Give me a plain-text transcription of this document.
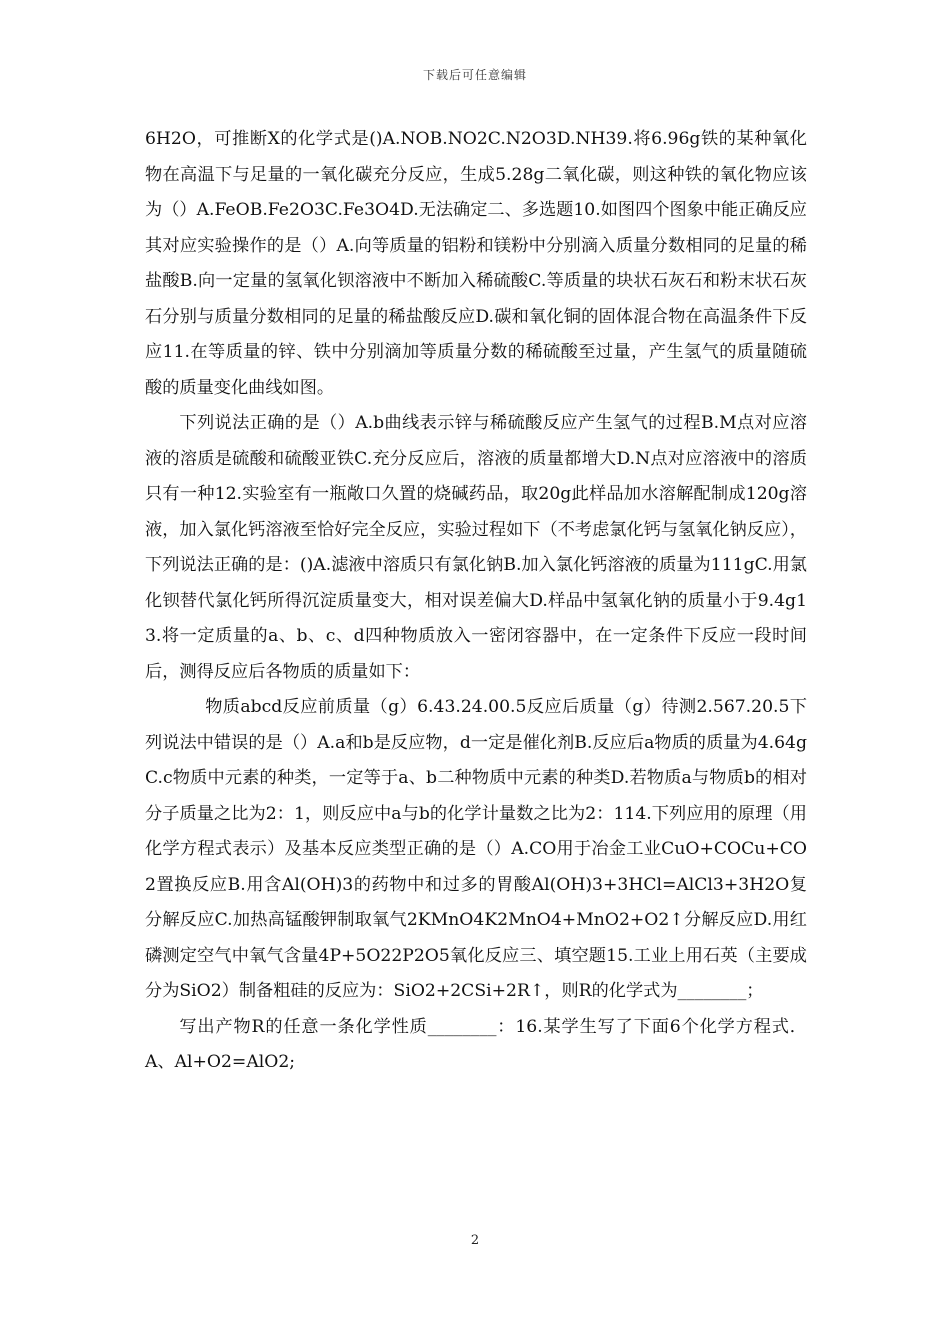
下载后可任意编辑

6H2O，可推断X的化学式是()A.NOB.NO2C.N2O3D.NH39.将6.96g铁的某种氧化物在高温下与足量的一氧化碳充分反应，生成5.28g二氧化碳，则这种铁的氧化物应该为（）A.FeOB.Fe2O3C.Fe3O4D.无法确定二、多选题10.如图四个图象中能正确反应其对应实验操作的是（）A.向等质量的铝粉和镁粉中分别滴入质量分数相同的足量的稀盐酸B.向一定量的氢氧化钡溶液中不断加入稀硫酸C.等质量的块状石灰石和粉末状石灰石分别与质量分数相同的足量的稀盐酸反应D.碳和氧化铜的固体混合物在高温条件下反应11.在等质量的锌、铁中分别滴加等质量分数的稀硫酸至过量，产生氢气的质量随硫酸的质量变化曲线如图。

下列说法正确的是（）A.b曲线表示锌与稀硫酸反应产生氢气的过程B.M点对应溶液的溶质是硫酸和硫酸亚铁C.充分反应后，溶液的质量都增大D.N点对应溶液中的溶质只有一种12.实验室有一瓶敞口久置的烧碱药品，取20g此样品加水溶解配制成120g溶液，加入氯化钙溶液至恰好完全反应，实验过程如下（不考虑氯化钙与氢氧化钠反应），下列说法正确的是：()A.滤液中溶质只有氯化钠B.加入氯化钙溶液的质量为111gC.用氯化钡替代氯化钙所得沉淀质量变大，相对误差偏大D.样品中氢氧化钠的质量小于9.4g13.将一定质量的a、b、c、d四种物质放入一密闭容器中，在一定条件下反应一段时间后，测得反应后各物质的质量如下：

物质abcd反应前质量（g）6.43.24.00.5反应后质量（g）待测2.567.20.5下列说法中错误的是（）A.a和b是反应物，d一定是催化剂B.反应后a物质的质量为4.64gC.c物质中元素的种类，一定等于a、b二种物质中元素的种类D.若物质a与物质b的相对分子质量之比为2：1，则反应中a与b的化学计量数之比为2：114.下列应用的原理（用化学方程式表示）及基本反应类型正确的是（）A.CO用于冶金工业CuO+COCu+CO2置换反应B.用含Al(OH)3的药物中和过多的胃酸Al(OH)3+3HCl=AlCl3+3H2O复分解反应C.加热高锰酸钾制取氧气2KMnO4K2MnO4+MnO2+O2↑分解反应D.用红磷测定空气中氧气含量4P+5O22P2O5氧化反应三、填空题15.工业上用石英（主要成分为SiO2）制备粗硅的反应为：SiO2+2CSi+2R↑，则R的化学式为________；

写出产物R的任意一条化学性质________：16.某学生写了下面6个化学方程式．A、Al+O2=AlO2;

2
